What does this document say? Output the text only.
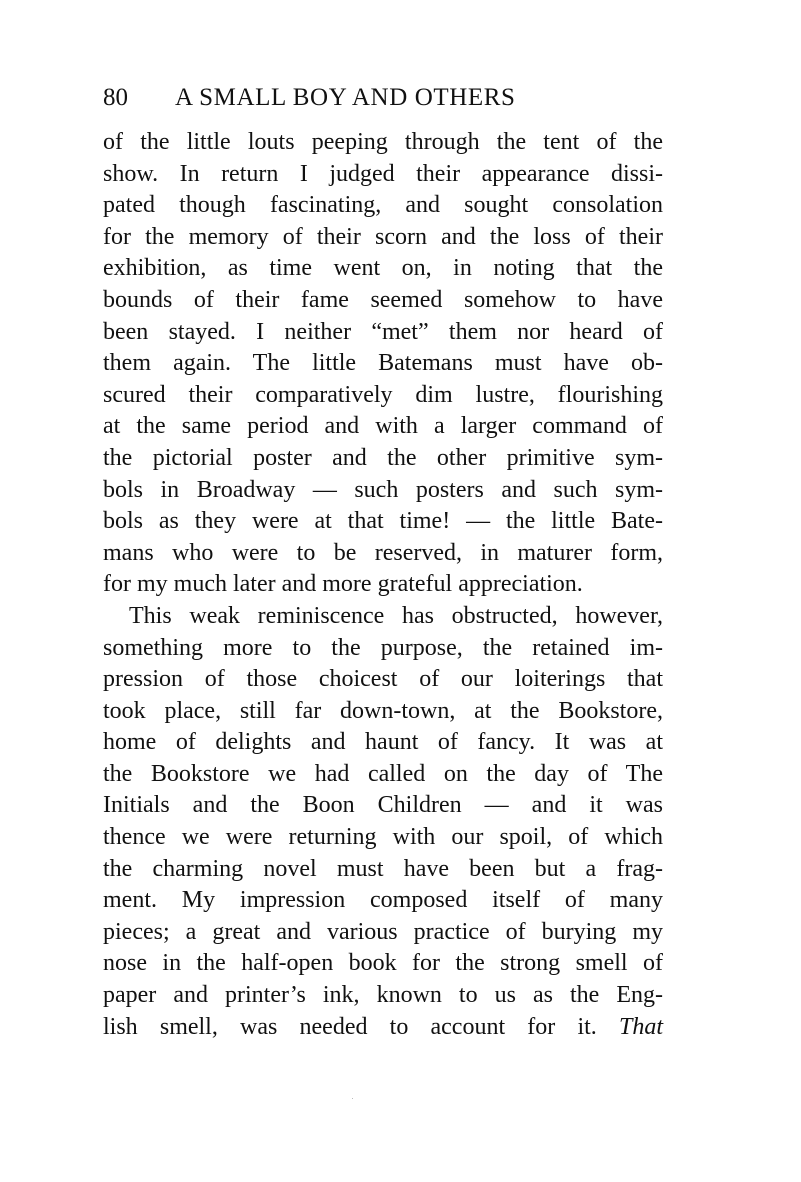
80 A SMALL BOY AND OTHERS
of the little louts peeping through the tent of the
show. In return I judged their appearance dissi-
pated though fascinating, and sought consolation
for the memory of their scorn and the loss of their
exhibition, as time went on, in noting that the
bounds of their fame seemed somehow to have
been stayed. I neither “met” them nor heard of
them again. The little Batemans must have ob-
scured their comparatively dim lustre, flourishing
at the same period and with a larger command of
the pictorial poster and the other primitive sym-
bols in Broadway — such posters and such sym-
bols as they were at that time! — the little Bate-
mans who were to be reserved, in maturer form,
for my much later and more grateful appreciation.
This weak reminiscence has obstructed, however,
something more to the purpose, the retained im-
pression of those choicest of our loiterings that
took place, still far down-town, at the Bookstore,
home of delights and haunt of fancy. It was at
the Bookstore we had called on the day of The
Initials and the Boon Children — and it was
thence we were returning with our spoil, of which
the charming novel must have been but a frag-
ment. My impression composed itself of many
pieces; a great and various practice of burying my
nose in the half-open book for the strong smell of
paper and printer’s ink, known to us as the Eng-
lish smell, was needed to account for it. That
